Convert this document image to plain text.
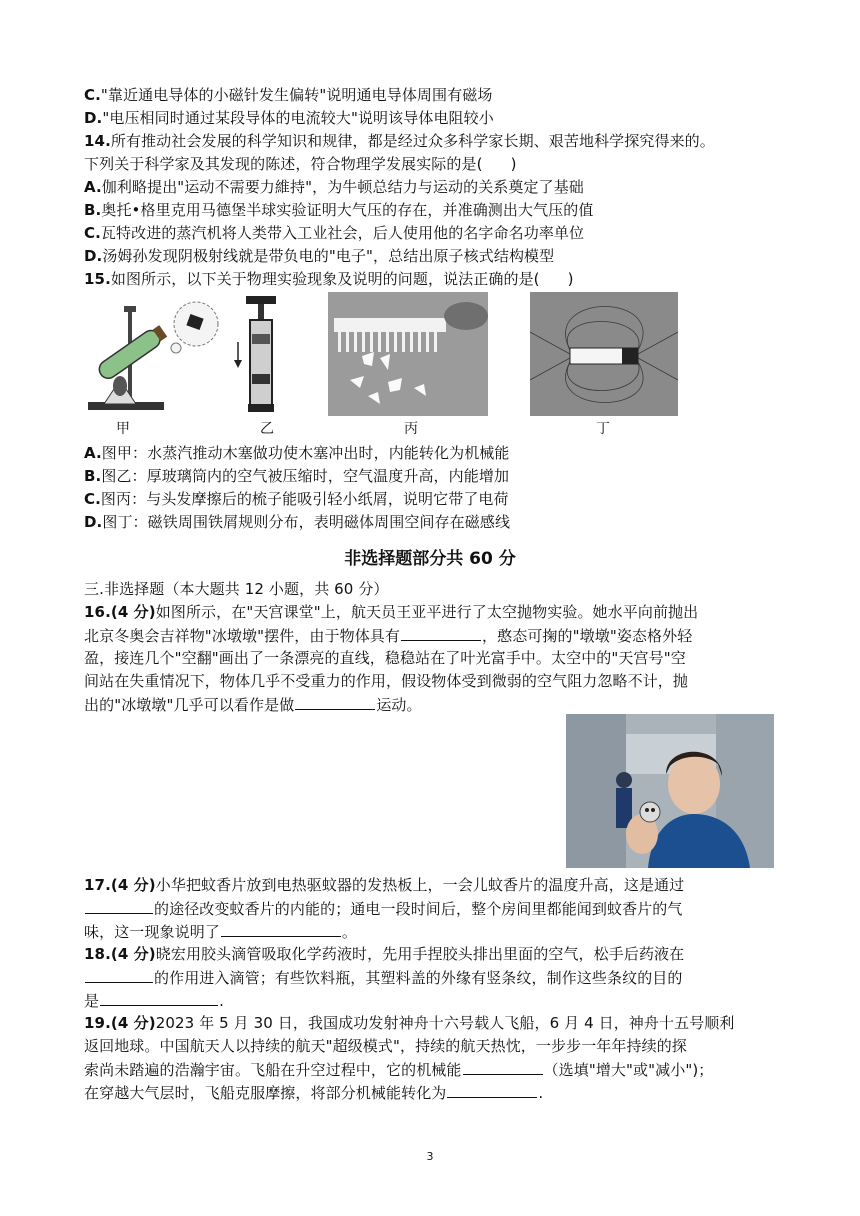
C."靠近通电导体的小磁针发生偏转"说明通电导体周围有磁场
D."电压相同时通过某段导体的电流较大"说明该导体电阻较小
14.所有推动社会发展的科学知识和规律，都是经过众多科学家长期、艰苦地科学探究得来的。
下列关于科学家及其发现的陈述，符合物理学发展实际的是( )
A.伽利略提出"运动不需要力維持"，为牛顿总结力与运动的关系奠定了基础
B.奥托•格里克用马德堡半球实验证明大气压的存在，并准确测出大气压的值
C.瓦特改进的蒸汽机将人类带入工业社会，后人使用他的名字命名功率单位
D.汤姆孙发现阴极射线就是带负电的"电子"，总结出原子核式结构模型
15.如图所示，以下关于物理实验现象及说明的问题，说法正确的是( )
甲	乙	丙	丁
A.图甲：水蒸汽推动木塞做功使木塞冲出时，内能转化为机械能
B.图乙：厚玻璃筒内的空气被压缩时，空气温度升高，内能增加
C.图丙：与头发摩擦后的梳子能吸引轻小纸屑，说明它带了电荷
D.图丁：磁铁周围铁屑规则分布，表明磁体周围空间存在磁感线
非选择题部分共 60 分
三.非选择题（本大题共 12 小题，共 60 分）
16.(4 分)如图所示，在"天宫课堂"上，航天员王亚平进行了太空抛物实验。她水平向前抛出
北京冬奥会吉祥物"冰墩墩"摆件，由于物体具有	，憨态可掬的"墩墩"姿态格外轻
盈，接连几个"空翻"画出了一条漂亮的直线，稳稳站在了叶光富手中。太空中的"天宫号"空
间站在失重情况下，物体几乎不受重力的作用，假设物体受到微弱的空气阻力忽略不计，抛
出的"冰墩墩"几乎可以看作是做	运动。
17.(4 分)小华把蚊香片放到电热驱蚊器的发热板上，一会儿蚊香片的温度升高，这是通过
的途径改变蚊香片的内能的；通电一段时间后，整个房间里都能闻到蚊香片的气
味，这一现象说明了	。
18.(4 分)晓宏用胶头滴管吸取化学药液时，先用手捏胶头排出里面的空气，松手后药液在
的作用进入滴管；有些饮料瓶，其塑料盖的外缘有竖条纹，制作这些条纹的目的
是	.
19.(4 分)2023 年 5 月 30 日，我国成功发射神舟十六号载人飞船，6 月 4 日，神舟十五号顺利
返回地球。中国航天人以持续的航天"超级模式"，持续的航天热忱，一步步一年年持续的探
索尚未踏遍的浩瀚宇宙。飞船在升空过程中，它的机械能	（选填"增大"或"减小")；
在穿越大气层时，飞船克服摩擦，将部分机械能转化为	.
3
